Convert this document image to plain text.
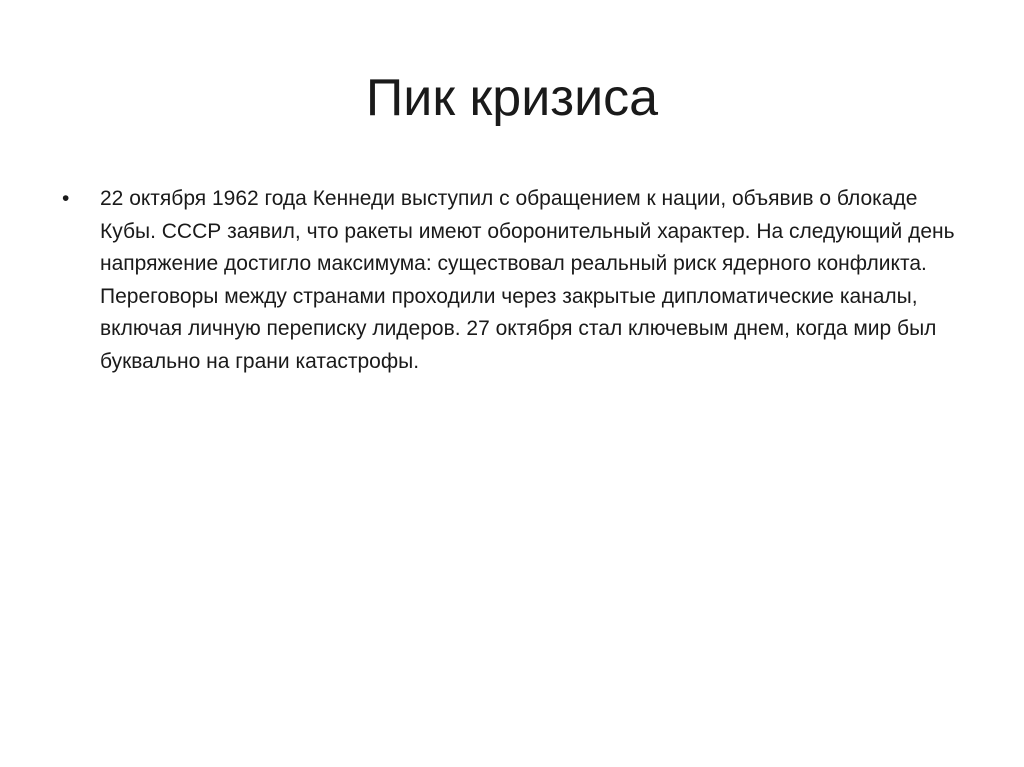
Пик кризиса
• 22 октября 1962 года Кеннеди выступил с обращением к нации, объявив о блокаде Кубы. СССР заявил, что ракеты имеют оборонительный характер. На следующий день напряжение достигло максимума: существовал реальный риск ядерного конфликта. Переговоры между странами проходили через закрытые дипломатические каналы, включая личную переписку лидеров. 27 октября стал ключевым днем, когда мир был буквально на грани катастрофы.
